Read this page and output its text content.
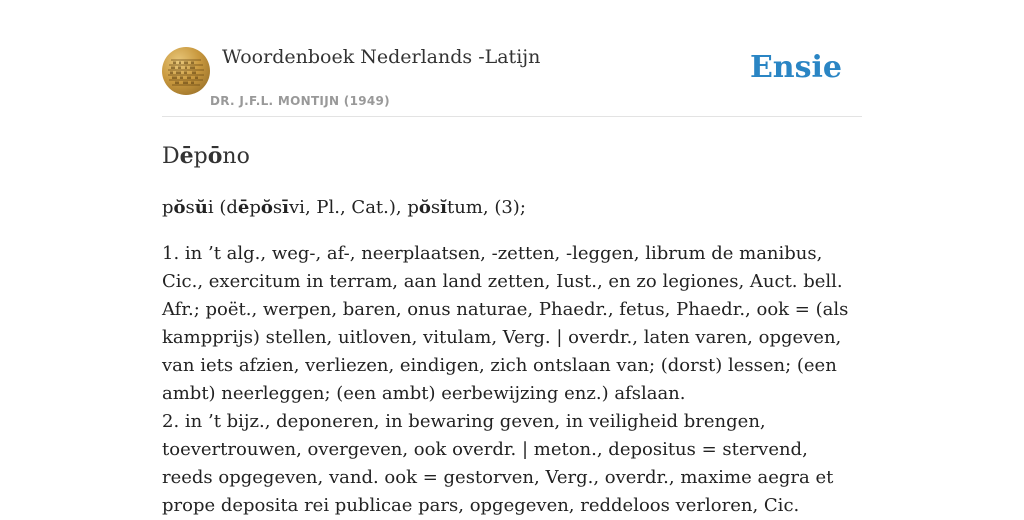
Woordenboek Nederlands -Latijn
DR. J.F.L. MONTIJN (1949)
Ensie
Dēpōno
pŏsŭi (dēpŏsīvi, Pl., Cat.), pŏsĭtum, (3);

1. in ’t alg., weg-, af-, neerplaatsen, -zetten, -leggen, librum de manibus, Cic., exercitum in terram, aan land zetten, Iust., en zo legiones, Auct. bell. Afr.; poët., werpen, baren, onus naturae, Phaedr., fetus, Phaedr., ook = (als kampprijs) stellen, uitloven, vitulam, Verg. | overdr., laten varen, opgeven, van iets afzien, verliezen, eindigen, zich ontslaan van; (dorst) lessen; (een ambt) neerleggen; (een ambt) eerbewijzing enz.) afslaan.

2. in ’t bijz., deponeren, in bewaring geven, in veiligheid brengen, toevertrouwen, overgeven, ook overdr. | meton., depositus = stervend, reeds opgegeven, vand. ook = gestorven, Verg., overdr., maxime aegra et prope deposita rei publicae pars, opgegeven, reddeloos verloren, Cic.
